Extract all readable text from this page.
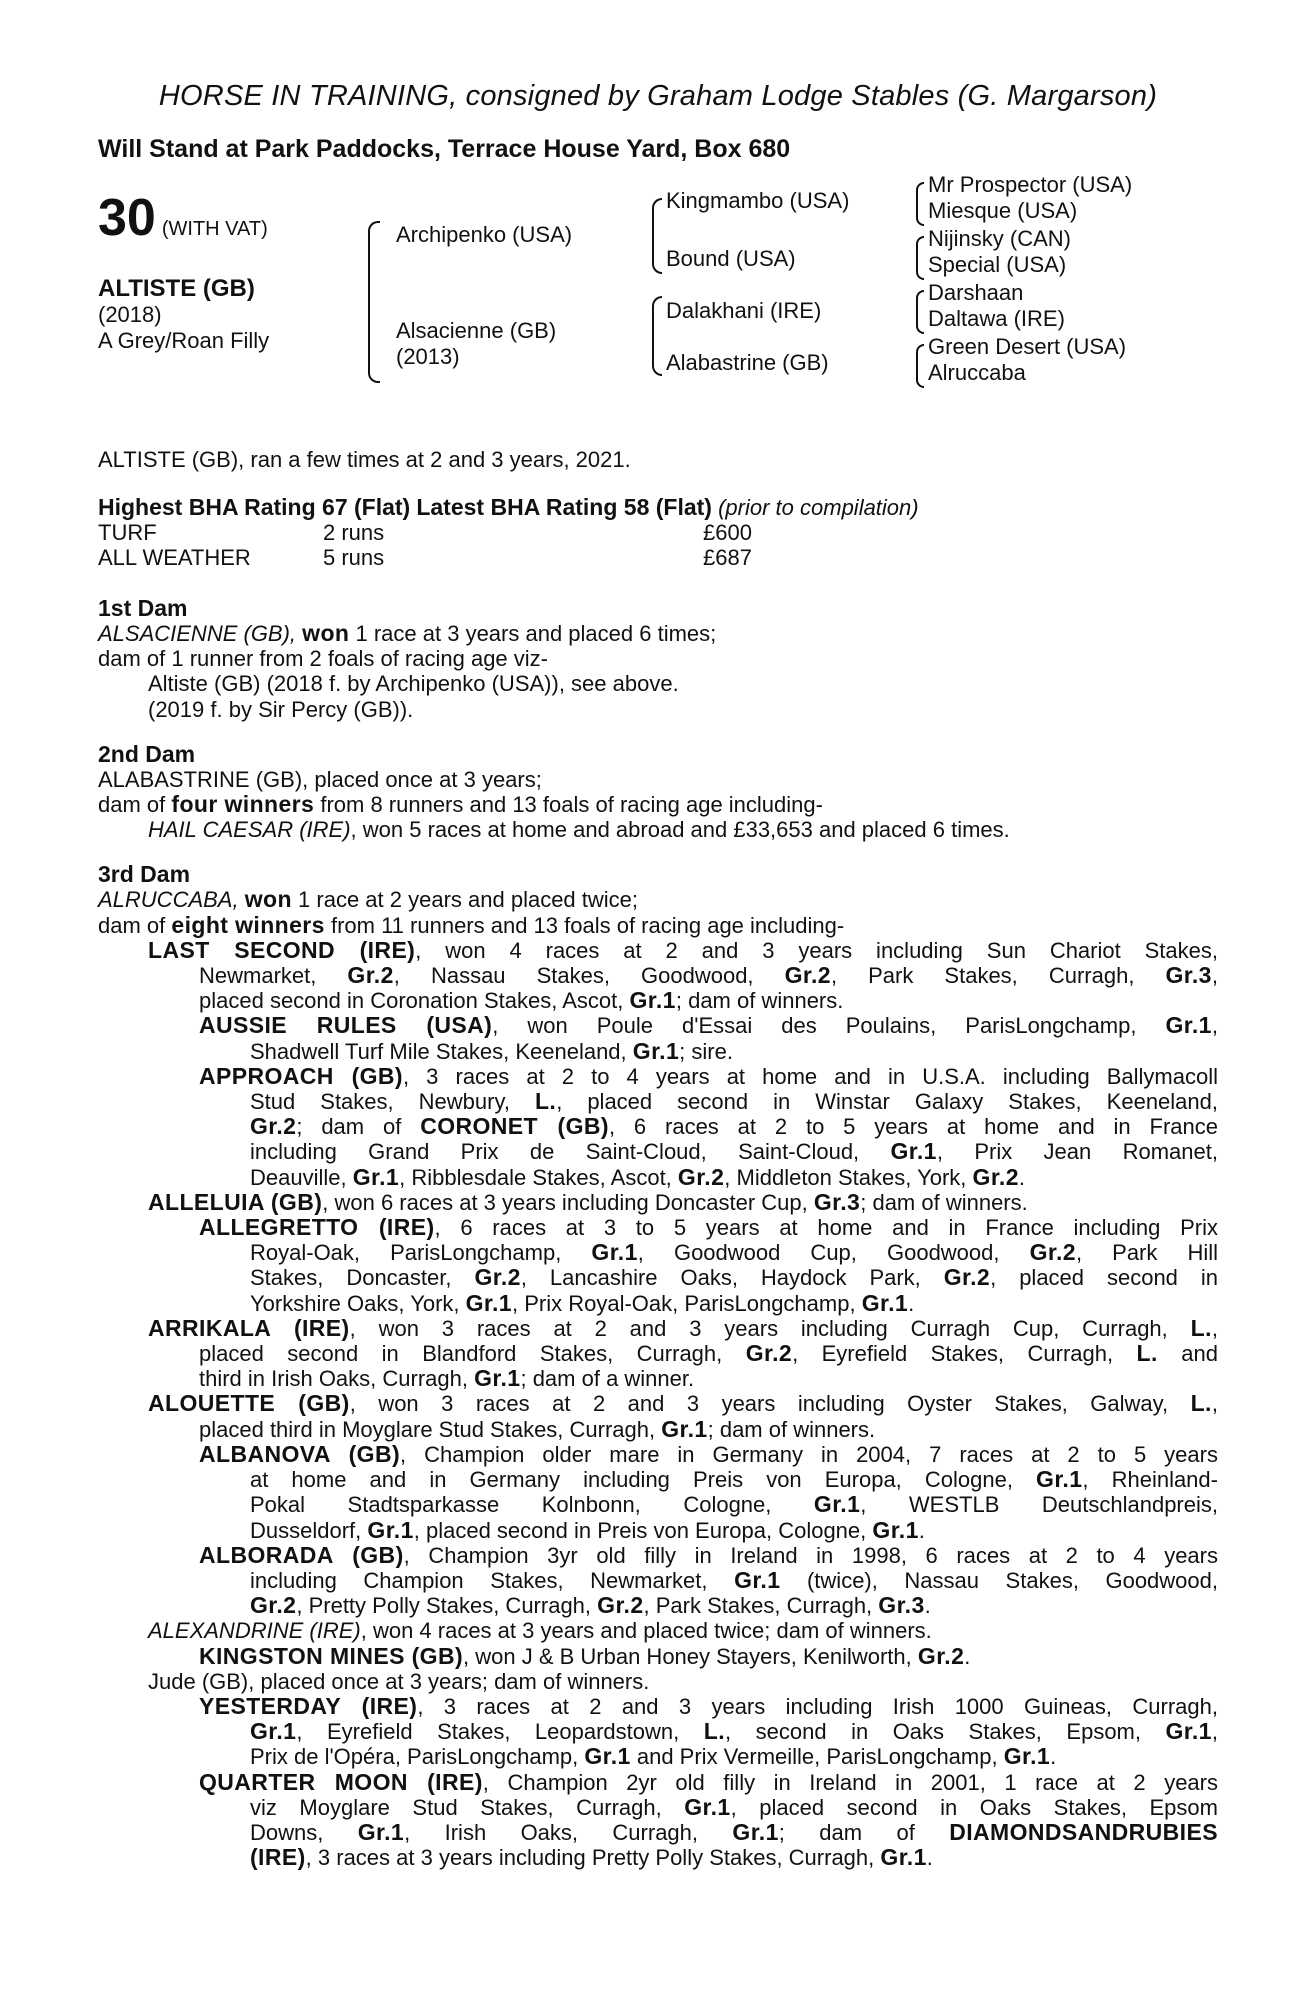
HORSE IN TRAINING, consigned by Graham Lodge Stables (G. Margarson)

Will Stand at Park Paddocks, Terrace House Yard, Box 680
30 (WITH VAT)
ALTISTE (GB)
(2018)
A Grey/Roan Filly
Archipenko (USA)
Alsacienne (GB)
(2013)
Kingmambo (USA)
Bound (USA)
Dalakhani (IRE)
Alabastrine (GB)
Mr Prospector (USA)
Miesque (USA)
Nijinsky (CAN)
Special (USA)
Darshaan
Daltawa (IRE)
Green Desert (USA)
Alruccaba
ALTISTE (GB), ran a few times at 2 and 3 years, 2021.
Highest BHA Rating 67 (Flat) Latest BHA Rating 58 (Flat) (prior to compilation)
TURF	2 runs	£600
ALL WEATHER	5 runs	£687
1st Dam
ALSACIENNE (GB), won 1 race at 3 years and placed 6 times;
dam of 1 runner from 2 foals of racing age viz-
Altiste (GB) (2018 f. by Archipenko (USA)), see above.
(2019 f. by Sir Percy (GB)).
2nd Dam
ALABASTRINE (GB), placed once at 3 years;
dam of four winners from 8 runners and 13 foals of racing age including-
HAIL CAESAR (IRE), won 5 races at home and abroad and £33,653 and placed 6 times.
3rd Dam
ALRUCCABA, won 1 race at 2 years and placed twice;
dam of eight winners from 11 runners and 13 foals of racing age including-
LAST SECOND (IRE), won 4 races at 2 and 3 years including Sun Chariot Stakes,
Newmarket, Gr.2, Nassau Stakes, Goodwood, Gr.2, Park Stakes, Curragh, Gr.3,
placed second in Coronation Stakes, Ascot, Gr.1; dam of winners.
AUSSIE RULES (USA), won Poule d'Essai des Poulains, ParisLongchamp, Gr.1,
Shadwell Turf Mile Stakes, Keeneland, Gr.1; sire.
APPROACH (GB), 3 races at 2 to 4 years at home and in U.S.A. including Ballymacoll
Stud Stakes, Newbury, L., placed second in Winstar Galaxy Stakes, Keeneland,
Gr.2; dam of CORONET (GB), 6 races at 2 to 5 years at home and in France
including Grand Prix de Saint-Cloud, Saint-Cloud, Gr.1, Prix Jean Romanet,
Deauville, Gr.1, Ribblesdale Stakes, Ascot, Gr.2, Middleton Stakes, York, Gr.2.
ALLELUIA (GB), won 6 races at 3 years including Doncaster Cup, Gr.3; dam of winners.
ALLEGRETTO (IRE), 6 races at 3 to 5 years at home and in France including Prix
Royal-Oak, ParisLongchamp, Gr.1, Goodwood Cup, Goodwood, Gr.2, Park Hill
Stakes, Doncaster, Gr.2, Lancashire Oaks, Haydock Park, Gr.2, placed second in
Yorkshire Oaks, York, Gr.1, Prix Royal-Oak, ParisLongchamp, Gr.1.
ARRIKALA (IRE), won 3 races at 2 and 3 years including Curragh Cup, Curragh, L.,
placed second in Blandford Stakes, Curragh, Gr.2, Eyrefield Stakes, Curragh, L. and
third in Irish Oaks, Curragh, Gr.1; dam of a winner.
ALOUETTE (GB), won 3 races at 2 and 3 years including Oyster Stakes, Galway, L.,
placed third in Moyglare Stud Stakes, Curragh, Gr.1; dam of winners.
ALBANOVA (GB), Champion older mare in Germany in 2004, 7 races at 2 to 5 years
at home and in Germany including Preis von Europa, Cologne, Gr.1, Rheinland-
Pokal Stadtsparkasse Kolnbonn, Cologne, Gr.1, WESTLB Deutschlandpreis,
Dusseldorf, Gr.1, placed second in Preis von Europa, Cologne, Gr.1.
ALBORADA (GB), Champion 3yr old filly in Ireland in 1998, 6 races at 2 to 4 years
including Champion Stakes, Newmarket, Gr.1 (twice), Nassau Stakes, Goodwood,
Gr.2, Pretty Polly Stakes, Curragh, Gr.2, Park Stakes, Curragh, Gr.3.
ALEXANDRINE (IRE), won 4 races at 3 years and placed twice; dam of winners.
KINGSTON MINES (GB), won J & B Urban Honey Stayers, Kenilworth, Gr.2.
Jude (GB), placed once at 3 years; dam of winners.
YESTERDAY (IRE), 3 races at 2 and 3 years including Irish 1000 Guineas, Curragh,
Gr.1, Eyrefield Stakes, Leopardstown, L., second in Oaks Stakes, Epsom, Gr.1,
Prix de l'Opéra, ParisLongchamp, Gr.1 and Prix Vermeille, ParisLongchamp, Gr.1.
QUARTER MOON (IRE), Champion 2yr old filly in Ireland in 2001, 1 race at 2 years
viz Moyglare Stud Stakes, Curragh, Gr.1, placed second in Oaks Stakes, Epsom
Downs, Gr.1, Irish Oaks, Curragh, Gr.1; dam of DIAMONDSANDRUBIES
(IRE), 3 races at 3 years including Pretty Polly Stakes, Curragh, Gr.1.
